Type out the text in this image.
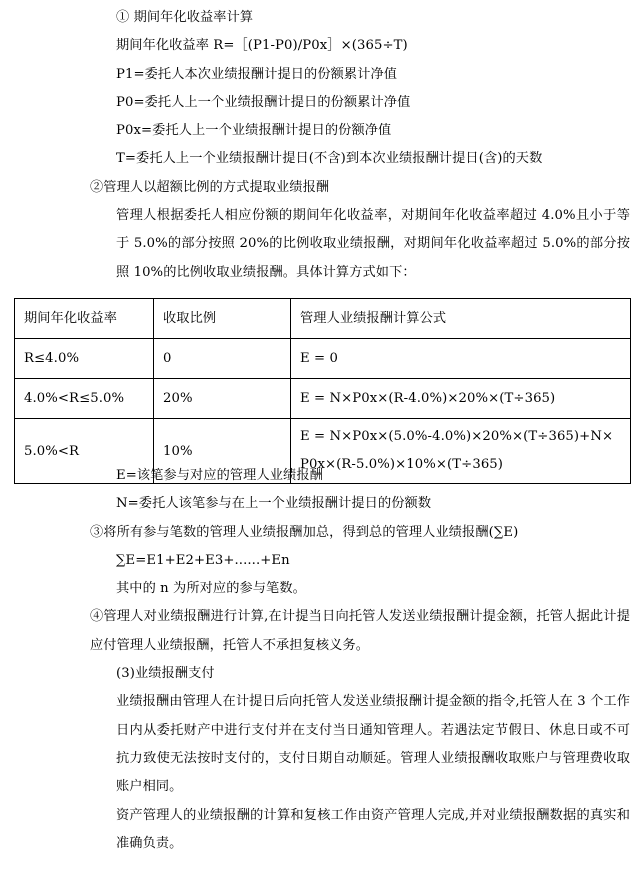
① 期间年化收益率计算

期间年化收益率 R=［(P1-P0)/P0x］×(365÷T)

P1=委托人本次业绩报酬计提日的份额累计净值

P0=委托人上一个业绩报酬计提日的份额累计净值

P0x=委托人上一个业绩报酬计提日的份额净值

T=委托人上一个业绩报酬计提日(不含)到本次业绩报酬计提日(含)的天数

②管理人以超额比例的方式提取业绩报酬

管理人根据委托人相应份额的期间年化收益率，对期间年化收益率超过 4.0%且小于等于 5.0%的部分按照 20%的比例收取业绩报酬，对期间年化收益率超过 5.0%的部分按照 10%的比例收取业绩报酬。具体计算方式如下：

期间年化收益率	收取比例	管理人业绩报酬计算公式
R≤4.0%	0	E = 0
4.0%<R≤5.0%	20%	E = N×P0x×(R-4.0%)×20%×(T÷365)
5.0%<R	10%	E = N×P0x×(5.0%-4.0%)×20%×(T÷365)+N×
P0x×(R-5.0%)×10%×(T÷365)

E=该笔参与对应的管理人业绩报酬

N=委托人该笔参与在上一个业绩报酬计提日的份额数

③将所有参与笔数的管理人业绩报酬加总，得到总的管理人业绩报酬(∑E)

∑E=E1+E2+E3+......+En

其中的 n 为所对应的参与笔数。

④管理人对业绩报酬进行计算,在计提当日向托管人发送业绩报酬计提金额，托管人据此计提应付管理人业绩报酬，托管人不承担复核义务。

(3)业绩报酬支付

业绩报酬由管理人在计提日后向托管人发送业绩报酬计提金额的指令,托管人在 3 个工作日内从委托财产中进行支付并在支付当日通知管理人。若遇法定节假日、休息日或不可抗力致使无法按时支付的，支付日期自动顺延。管理人业绩报酬收取账户与管理费收取账户相同。

资产管理人的业绩报酬的计算和复核工作由资产管理人完成,并对业绩报酬数据的真实和准确负责。
